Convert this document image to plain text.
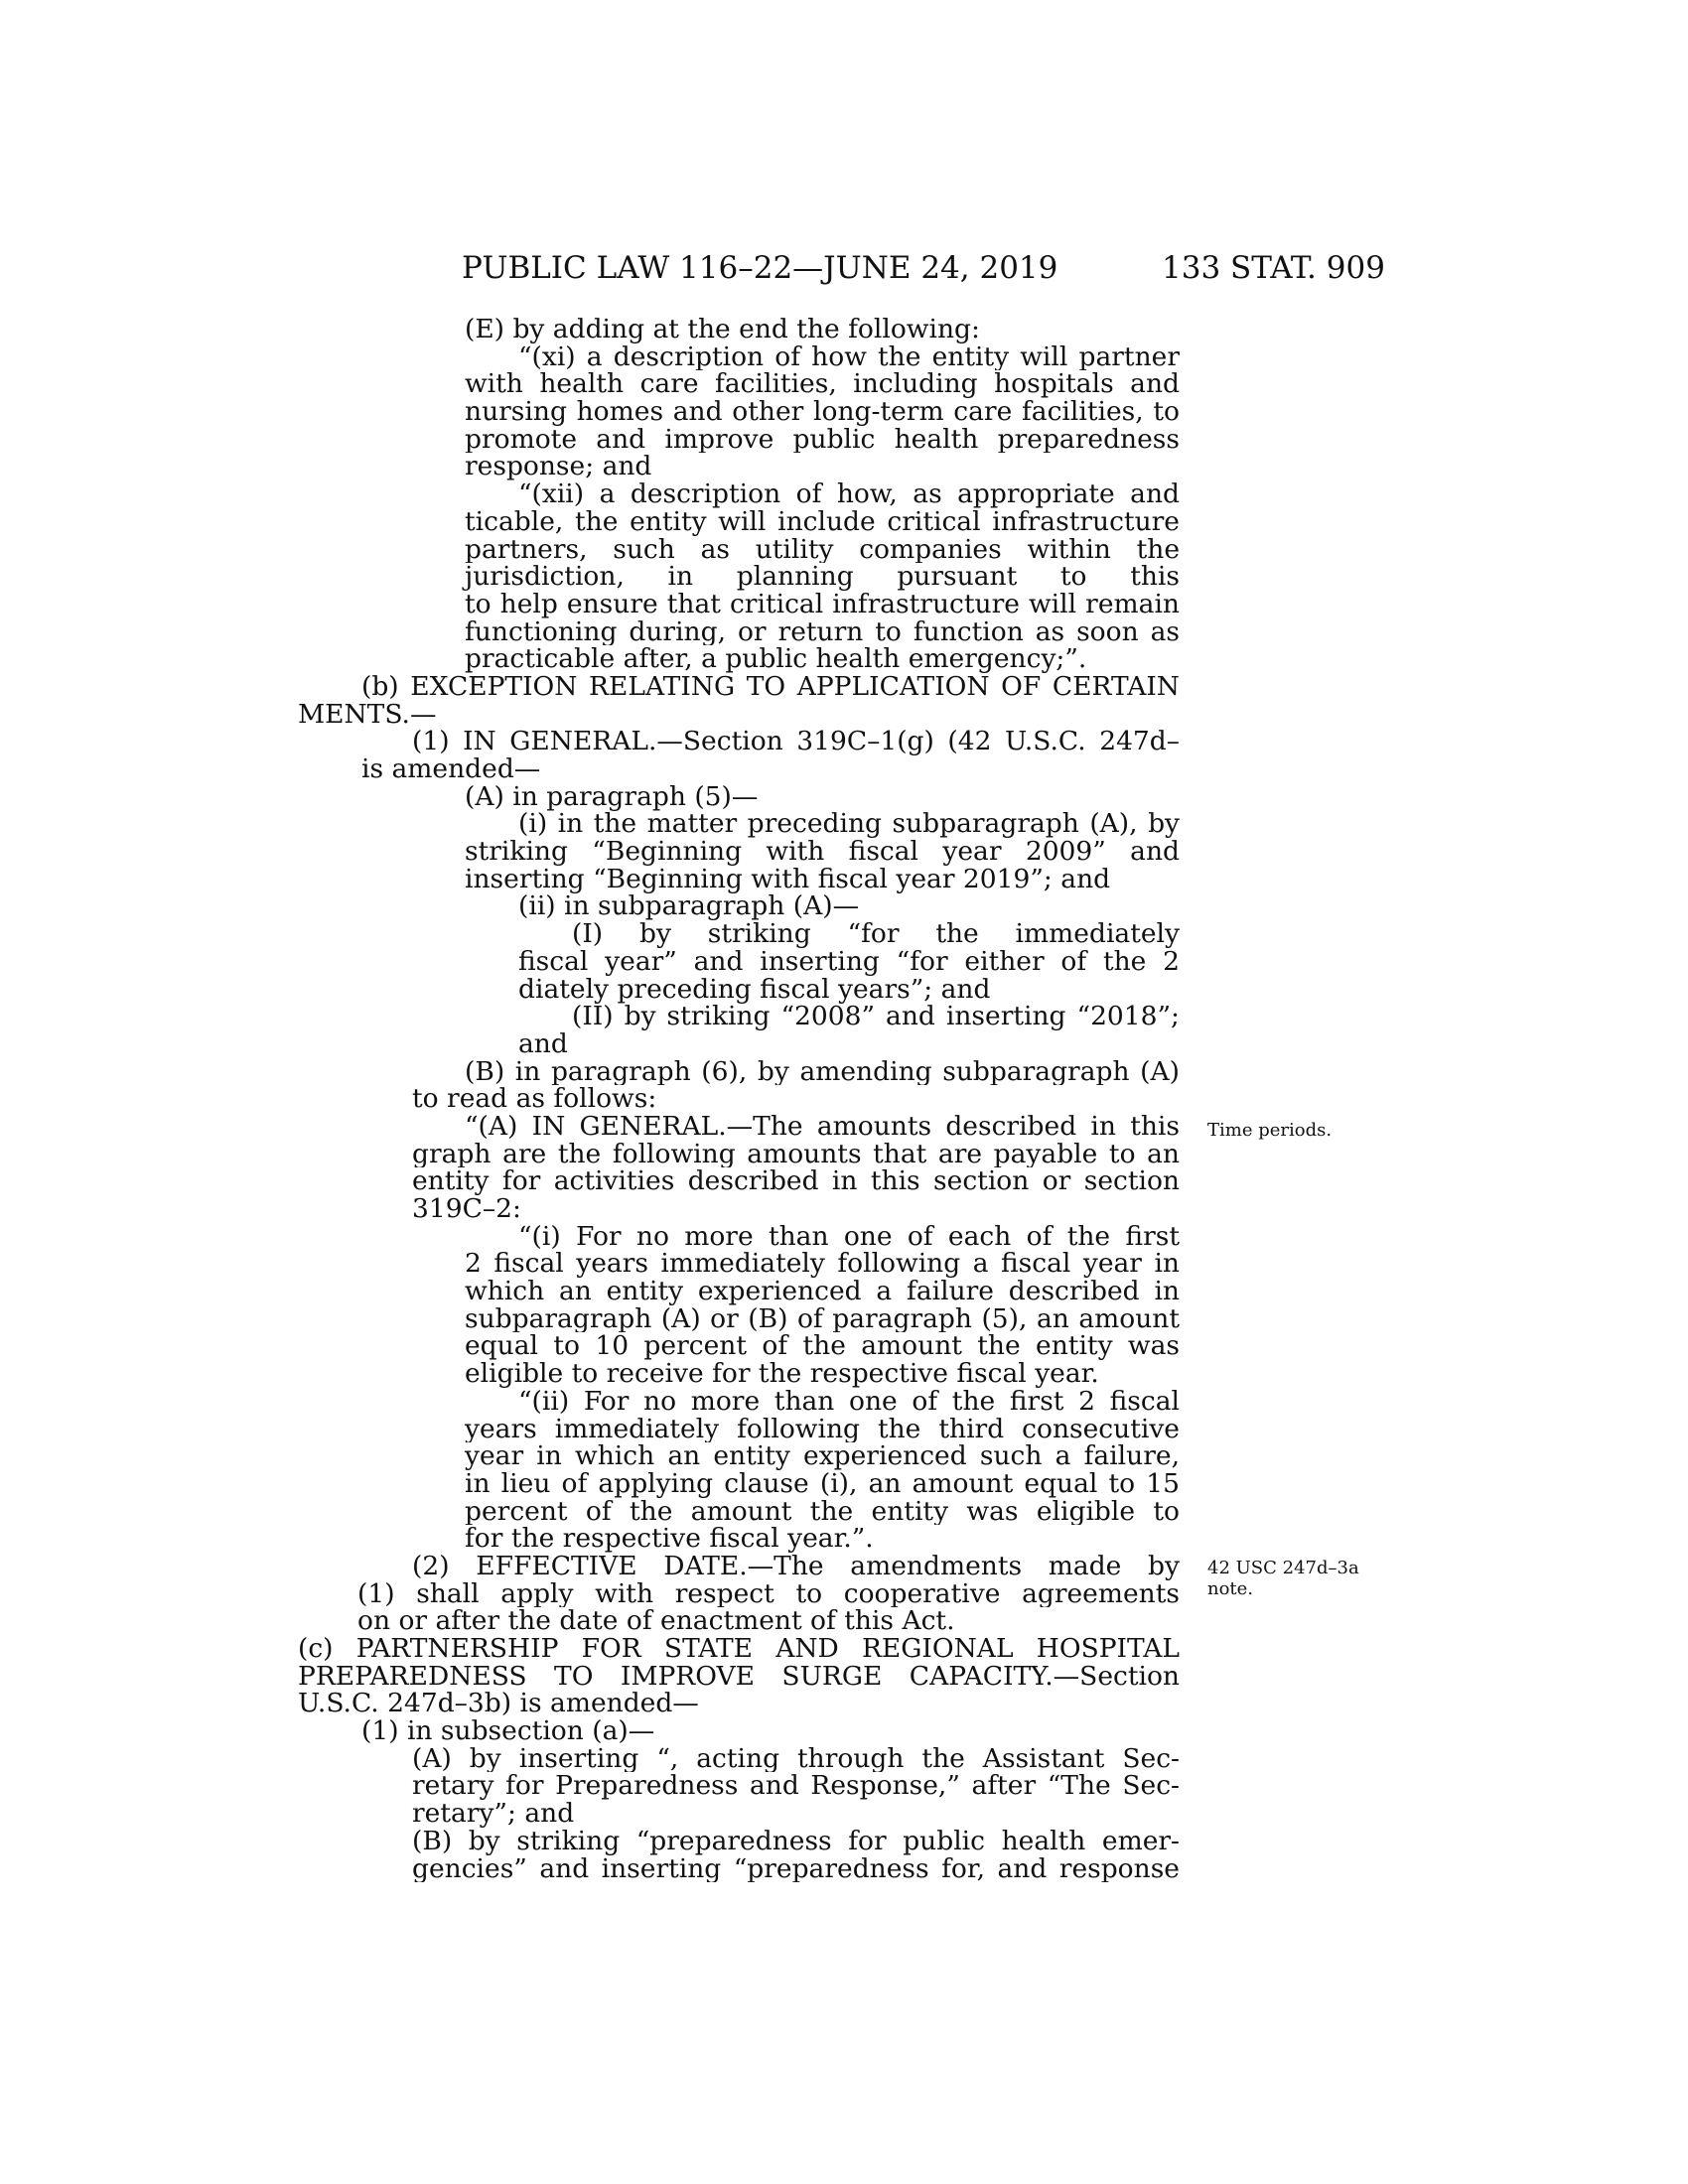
PUBLIC LAW 116–22—JUNE 24, 2019	133 STAT. 909
(E) by adding at the end the following:
“(xi) a description of how the entity will partner
with health care facilities, including hospitals and
nursing homes and other long-term care facilities, to
promote and improve public health preparedness
response; and
“(xii) a description of how, as appropriate and
ticable, the entity will include critical infrastructure
partners, such as utility companies within the
jurisdiction, in planning pursuant to this
to help ensure that critical infrastructure will remain
functioning during, or return to function as soon as
practicable after, a public health emergency;”.
(b) EXCEPTION RELATING TO APPLICATION OF CERTAIN
MENTS.—
(1) IN GENERAL.—Section 319C–1(g) (42 U.S.C. 247d–
is amended—
(A) in paragraph (5)—
(i) in the matter preceding subparagraph (A), by
striking “Beginning with fiscal year 2009” and
inserting “Beginning with fiscal year 2019”; and
(ii) in subparagraph (A)—
(I) by striking “for the immediately
fiscal year” and inserting “for either of the 2
diately preceding fiscal years”; and
(II) by striking “2008” and inserting “2018”;
and
(B) in paragraph (6), by amending subparagraph (A)
to read as follows:
“(A) IN GENERAL.—The amounts described in this
graph are the following amounts that are payable to an
entity for activities described in this section or section
319C–2:
“(i) For no more than one of each of the first
2 fiscal years immediately following a fiscal year in
which an entity experienced a failure described in
subparagraph (A) or (B) of paragraph (5), an amount
equal to 10 percent of the amount the entity was
eligible to receive for the respective fiscal year.
“(ii) For no more than one of the first 2 fiscal
years immediately following the third consecutive
year in which an entity experienced such a failure,
in lieu of applying clause (i), an amount equal to 15
percent of the amount the entity was eligible to
for the respective fiscal year.”.
(2) EFFECTIVE DATE.—The amendments made by
(1) shall apply with respect to cooperative agreements
on or after the date of enactment of this Act.
(c) PARTNERSHIP FOR STATE AND REGIONAL HOSPITAL
PREPAREDNESS TO IMPROVE SURGE CAPACITY.—Section
U.S.C. 247d–3b) is amended—
(1) in subsection (a)—
(A) by inserting “, acting through the Assistant Sec-
retary for Preparedness and Response,” after “The Sec-
retary”; and
(B) by striking “preparedness for public health emer-
gencies” and inserting “preparedness for, and response
Time periods.
42 USC 247d–3a
note.
